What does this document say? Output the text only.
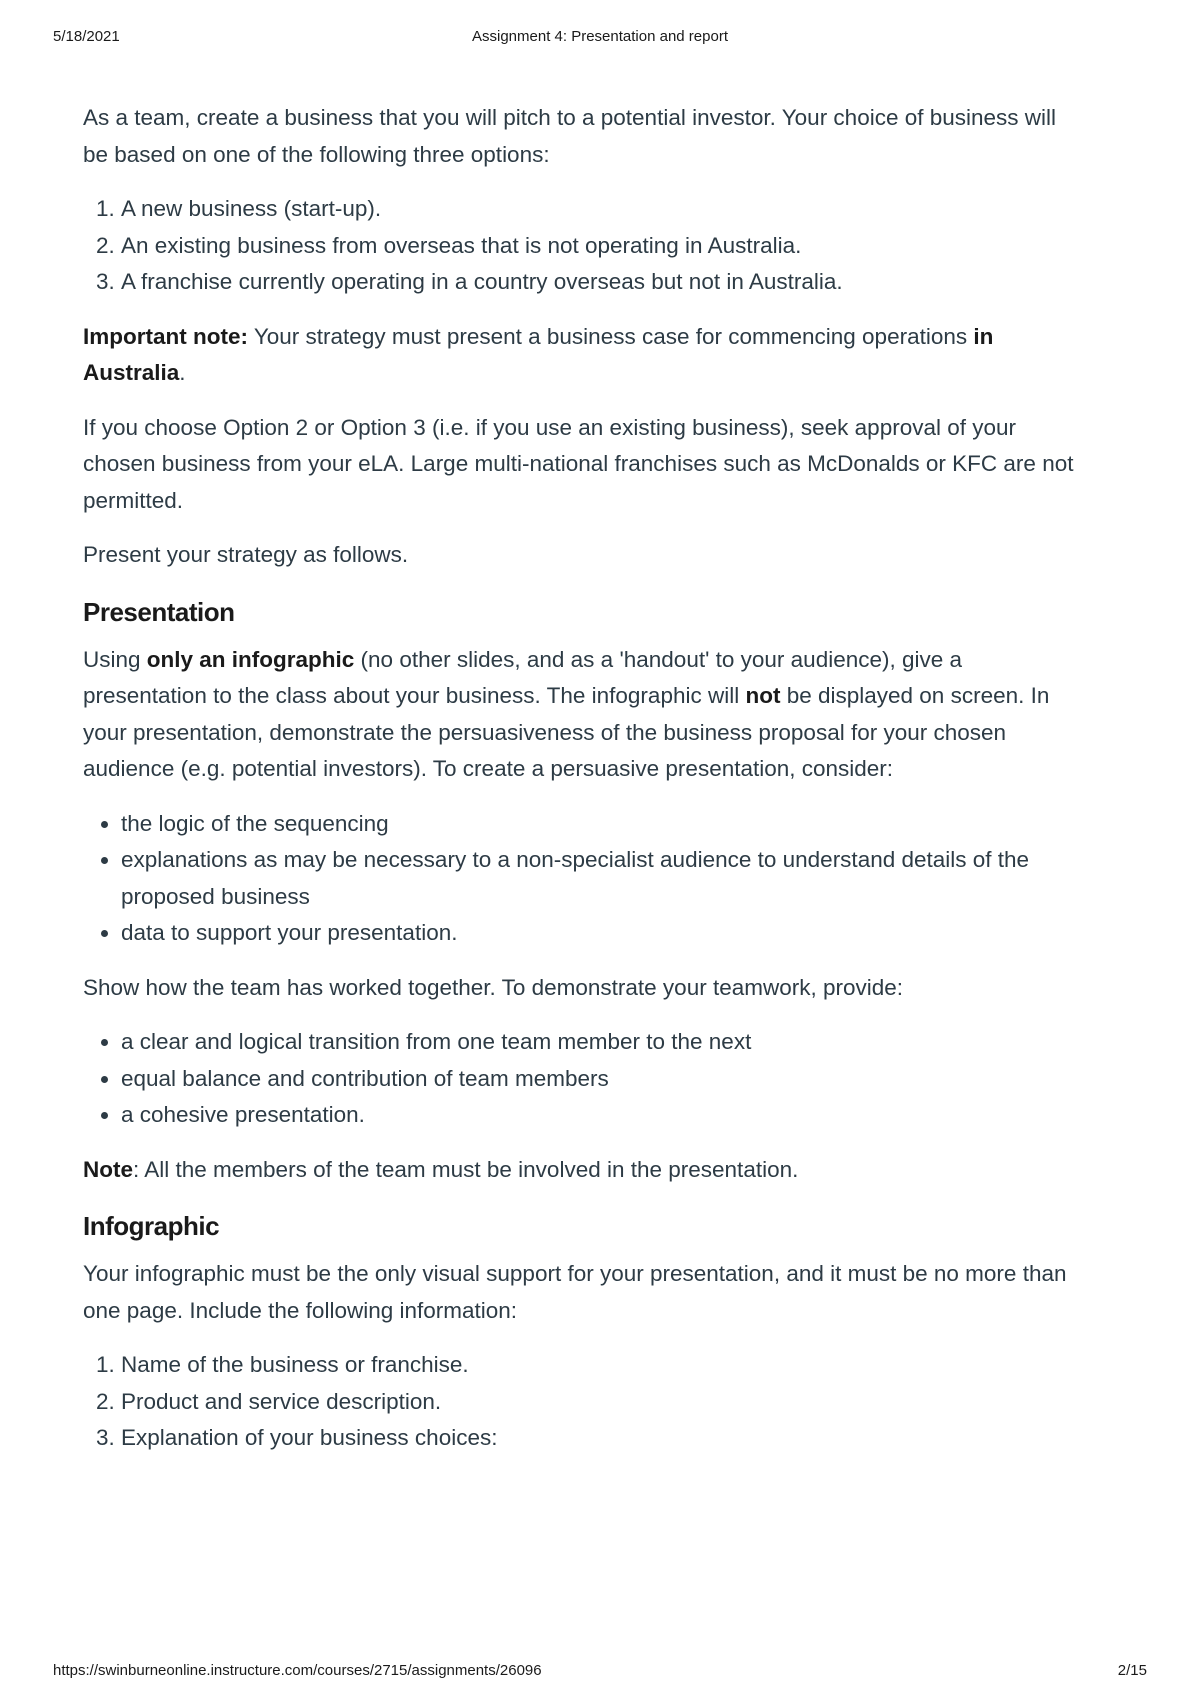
5/18/2021	Assignment 4: Presentation and report

As a team, create a business that you will pitch to a potential investor. Your choice of business will be based on one of the following three options:

1. A new business (start-up).
2. An existing business from overseas that is not operating in Australia.
3. A franchise currently operating in a country overseas but not in Australia.

Important note: Your strategy must present a business case for commencing operations in Australia.

If you choose Option 2 or Option 3 (i.e. if you use an existing business), seek approval of your chosen business from your eLA. Large multi-national franchises such as McDonalds or KFC are not permitted.

Present your strategy as follows.

Presentation

Using only an infographic (no other slides, and as a 'handout' to your audience), give a presentation to the class about your business. The infographic will not be displayed on screen. In your presentation, demonstrate the persuasiveness of the business proposal for your chosen audience (e.g. potential investors). To create a persuasive presentation, consider:

• the logic of the sequencing
• explanations as may be necessary to a non-specialist audience to understand details of the proposed business
• data to support your presentation.

Show how the team has worked together. To demonstrate your teamwork, provide:

• a clear and logical transition from one team member to the next
• equal balance and contribution of team members
• a cohesive presentation.

Note: All the members of the team must be involved in the presentation.

Infographic

Your infographic must be the only visual support for your presentation, and it must be no more than one page. Include the following information:

1. Name of the business or franchise.
2. Product and service description.
3. Explanation of your business choices:
https://swinburneonline.instructure.com/courses/2715/assignments/26096	2/15
